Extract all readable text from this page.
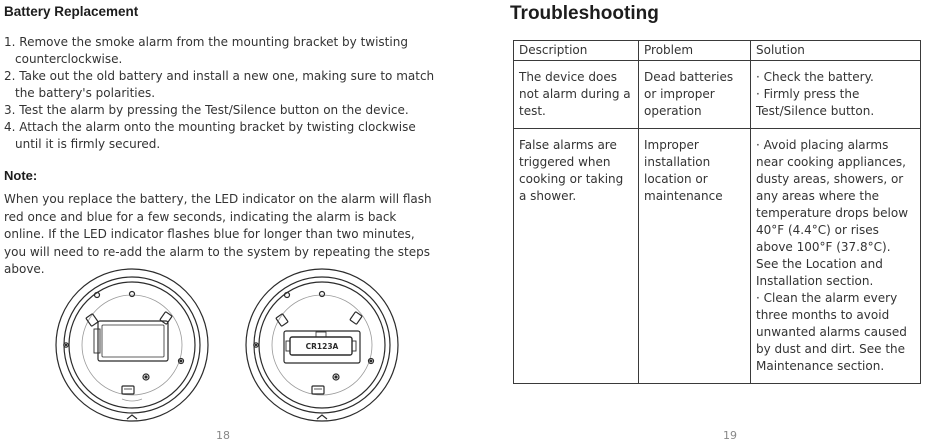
Battery Replacement
1. Remove the smoke alarm from the mounting bracket by twisting counterclockwise.
2. Take out the old battery and install a new one, making sure to match the battery's polarities.
3. Test the alarm by pressing the Test/Silence button on the device.
4. Attach the alarm onto the mounting bracket by twisting clockwise until it is firmly secured.
Note:

When you replace the battery, the LED indicator on the alarm will flash red once and blue for a few seconds, indicating the alarm is back online. If the LED indicator flashes blue for longer than two minutes, you will need to re-add the alarm to the system by repeating the steps above.

CR123A

18

Troubleshooting
Description	Problem	Solution
The device does not alarm during a test.	Dead batteries or improper operation	· Check the battery.
· Firmly press the Test/Silence button.

False alarms are triggered when cooking or taking a shower.	Improper installation location or maintenance	· Avoid placing alarms near cooking appliances, dusty areas, showers, or any areas where the temperature drops below 40°F (4.4°C) or rises above 100°F (37.8°C). See the Location and Installation section.
· Clean the alarm every three months to avoid unwanted alarms caused by dust and dirt. See the Maintenance section.

19
